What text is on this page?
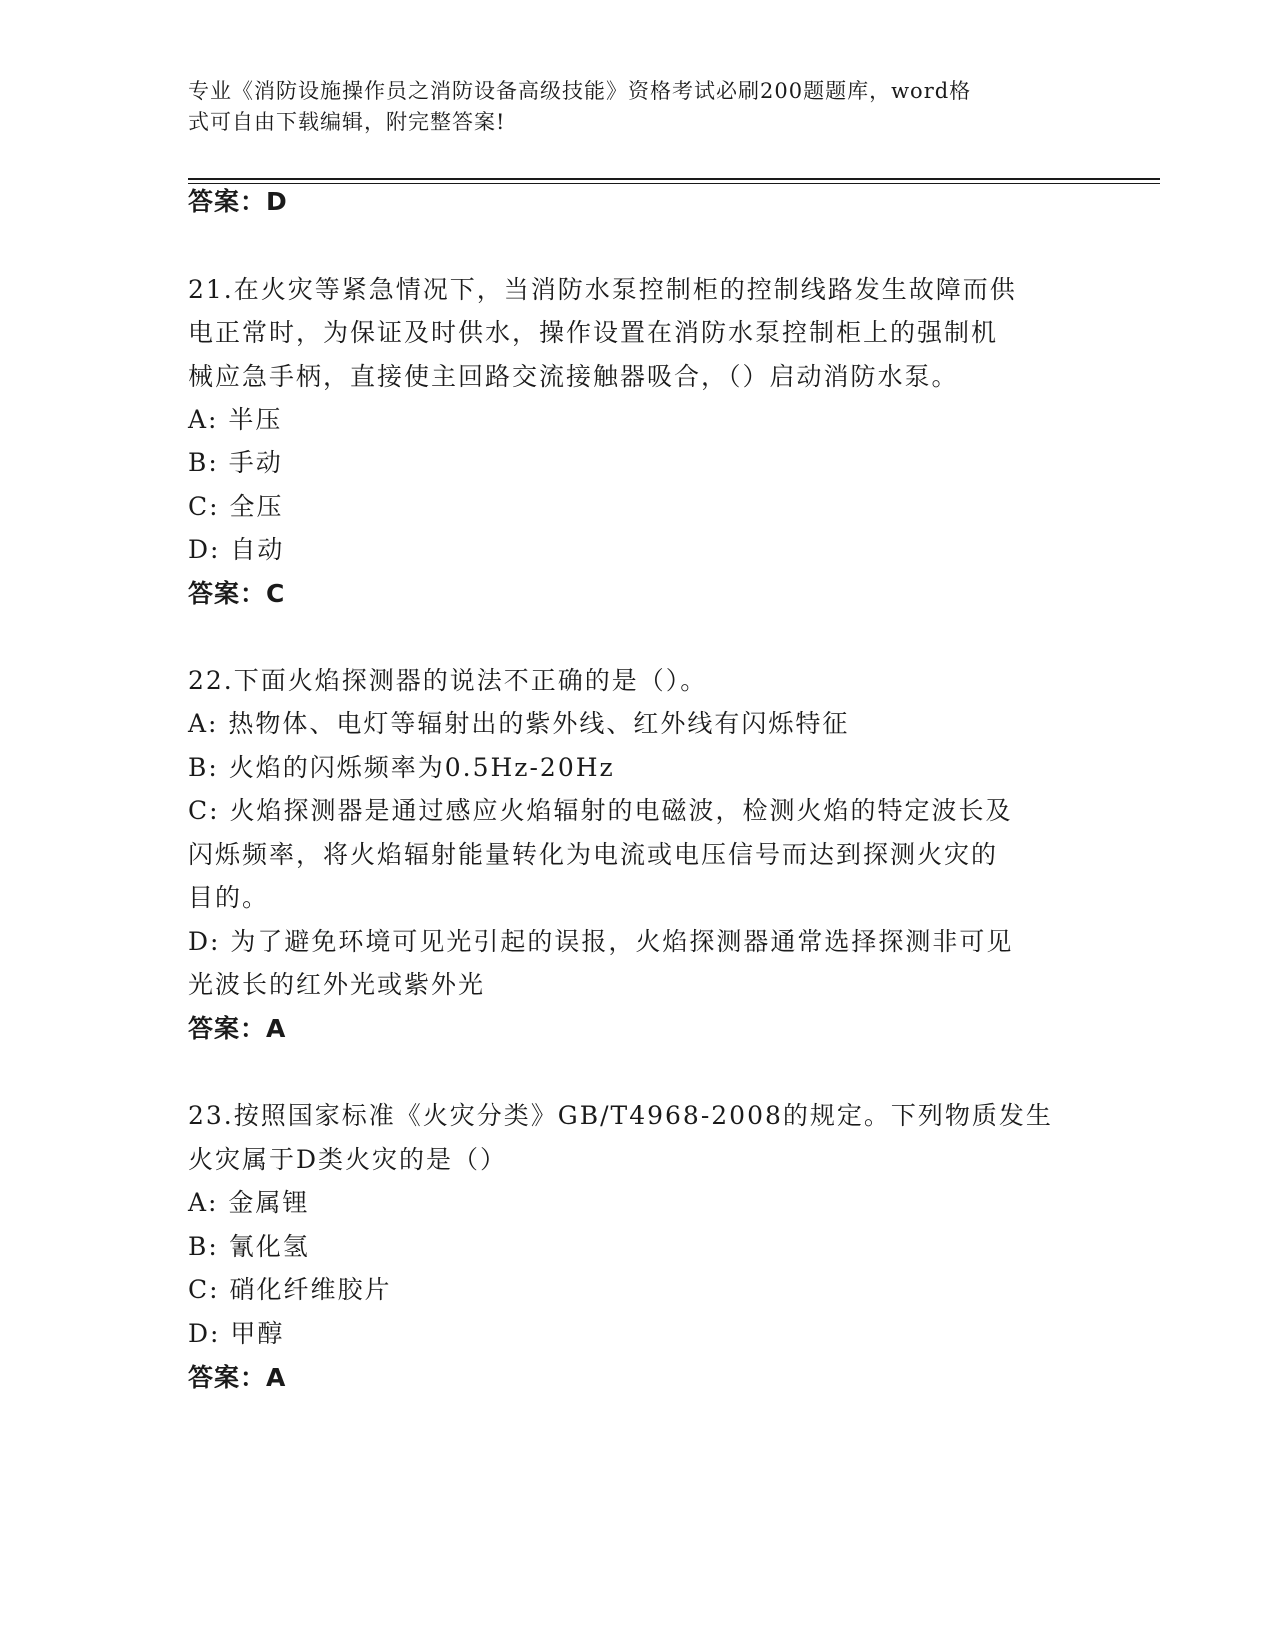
专业《消防设施操作员之消防设备高级技能》资格考试必刷200题题库，word格
式可自由下载编辑，附完整答案!
答案：D
21.在火灾等紧急情况下，当消防水泵控制柜的控制线路发生故障而供
电正常时，为保证及时供水，操作设置在消防水泵控制柜上的强制机
械应急手柄，直接使主回路交流接触器吸合，（）启动消防水泵。
A: 半压
B: 手动
C: 全压
D: 自动
答案：C
22.下面火焰探测器的说法不正确的是（）。
A: 热物体、电灯等辐射出的紫外线、红外线有闪烁特征
B: 火焰的闪烁频率为0.5Hz-20Hz
C: 火焰探测器是通过感应火焰辐射的电磁波，检测火焰的特定波长及
闪烁频率，将火焰辐射能量转化为电流或电压信号而达到探测火灾的
目的。
D: 为了避免环境可见光引起的误报，火焰探测器通常选择探测非可见
光波长的红外光或紫外光
答案：A
23.按照国家标准《火灾分类》GB/T4968-2008的规定。下列物质发生
火灾属于D类火灾的是（）
A: 金属锂
B: 氰化氢
C: 硝化纤维胶片
D: 甲醇
答案：A
